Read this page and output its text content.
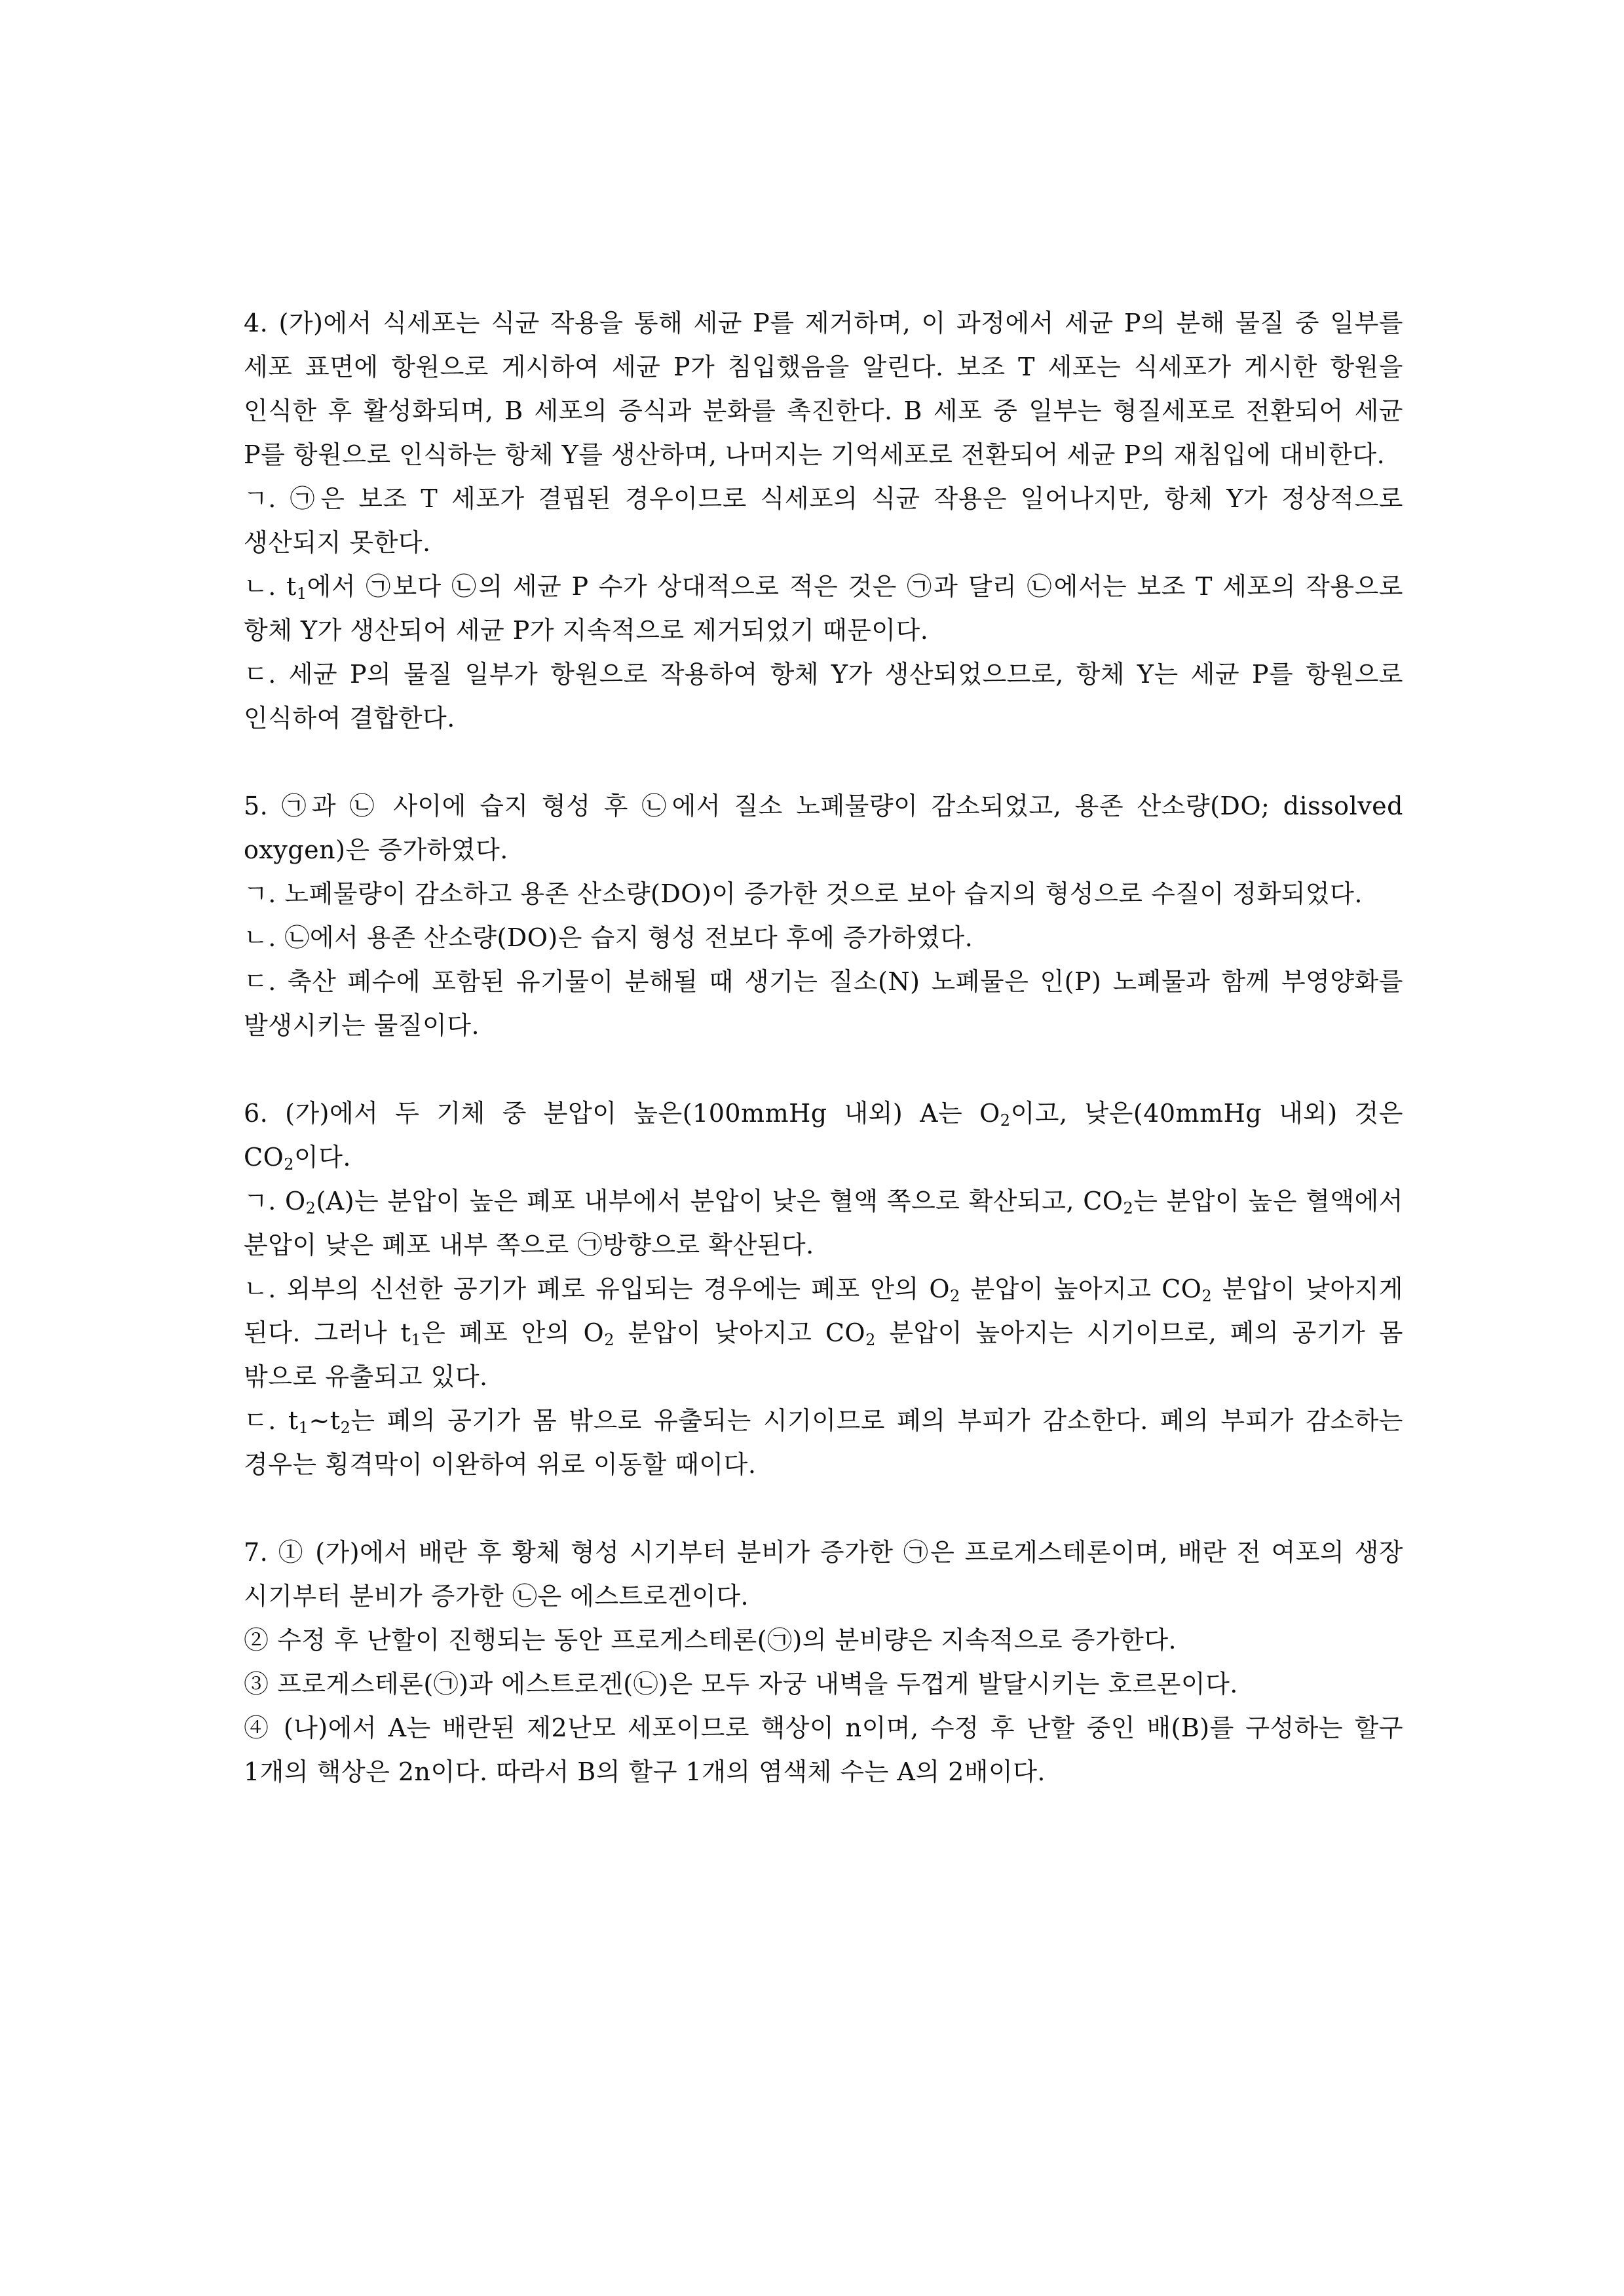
4. (가)에서 식세포는 식균 작용을 통해 세균 P를 제거하며, 이 과정에서 세균 P의 분해 물질 중 일부를 세포 표면에 항원으로 게시하여 세균 P가 침입했음을 알린다. 보조 T 세포는 식세포가 게시한 항원을 인식한 후 활성화되며, B 세포의 증식과 분화를 촉진한다. B 세포 중 일부는 형질세포로 전환되어 세균 P를 항원으로 인식하는 항체 Y를 생산하며, 나머지는 기억세포로 전환되어 세균 P의 재침입에 대비한다.

ㄱ. ㉠은 보조 T 세포가 결핍된 경우이므로 식세포의 식균 작용은 일어나지만, 항체 Y가 정상적으로 생산되지 못한다.

ㄴ. $t_1$에서 ㉠보다 ㉡의 세균 P 수가 상대적으로 적은 것은 ㉠과 달리 ㉡에서는 보조 T 세포의 작용으로 항체 Y가 생산되어 세균 P가 지속적으로 제거되었기 때문이다.

ㄷ. 세균 P의 물질 일부가 항원으로 작용하여 항체 Y가 생산되었으므로, 항체 Y는 세균 P를 항원으로 인식하여 결합한다.

5. ㉠과 ㉡ 사이에 습지 형성 후 ㉡에서 질소 노폐물량이 감소되었고, 용존 산소량(DO; dissolved oxygen)은 증가하였다.

ㄱ. 노폐물량이 감소하고 용존 산소량(DO)이 증가한 것으로 보아 습지의 형성으로 수질이 정화되었다.

ㄴ. ㉡에서 용존 산소량(DO)은 습지 형성 전보다 후에 증가하였다.

ㄷ. 축산 폐수에 포함된 유기물이 분해될 때 생기는 질소(N) 노폐물은 인(P) 노폐물과 함께 부영양화를 발생시키는 물질이다.

6. (가)에서 두 기체 중 분압이 높은(100mmHg 내외) A는 $O_2$이고, 낮은(40mmHg 내외) 것은 $CO_2$이다.

ㄱ. $O_2(A)$는 분압이 높은 폐포 내부에서 분압이 낮은 혈액 쪽으로 확산되고, $CO_2$는 분압이 높은 혈액에서 분압이 낮은 폐포 내부 쪽으로 ㉠방향으로 확산된다.

ㄴ. 외부의 신선한 공기가 폐로 유입되는 경우에는 폐포 안의 $O_2$ 분압이 높아지고 $CO_2$ 분압이 낮아지게 된다. 그러나 $t_1$은 폐포 안의 $O_2$ 분압이 낮아지고 $CO_2$ 분압이 높아지는 시기이므로, 폐의 공기가 몸 밖으로 유출되고 있다.

ㄷ. $t_1\sim t_2$는 폐의 공기가 몸 밖으로 유출되는 시기이므로 폐의 부피가 감소한다. 폐의 부피가 감소하는 경우는 횡격막이 이완하여 위로 이동할 때이다.

7. ① (가)에서 배란 후 황체 형성 시기부터 분비가 증가한 ㉠은 프로게스테론이며, 배란 전 여포의 생장 시기부터 분비가 증가한 ㉡은 에스트로겐이다.

② 수정 후 난할이 진행되는 동안 프로게스테론(㉠)의 분비량은 지속적으로 증가한다.

③ 프로게스테론(㉠)과 에스트로겐(㉡)은 모두 자궁 내벽을 두껍게 발달시키는 호르몬이다.

④ (나)에서 A는 배란된 제2난모 세포이므로 핵상이 n이며, 수정 후 난할 중인 배(B)를 구성하는 할구 1개의 핵상은 2n이다. 따라서 B의 할구 1개의 염색체 수는 A의 2배이다.
